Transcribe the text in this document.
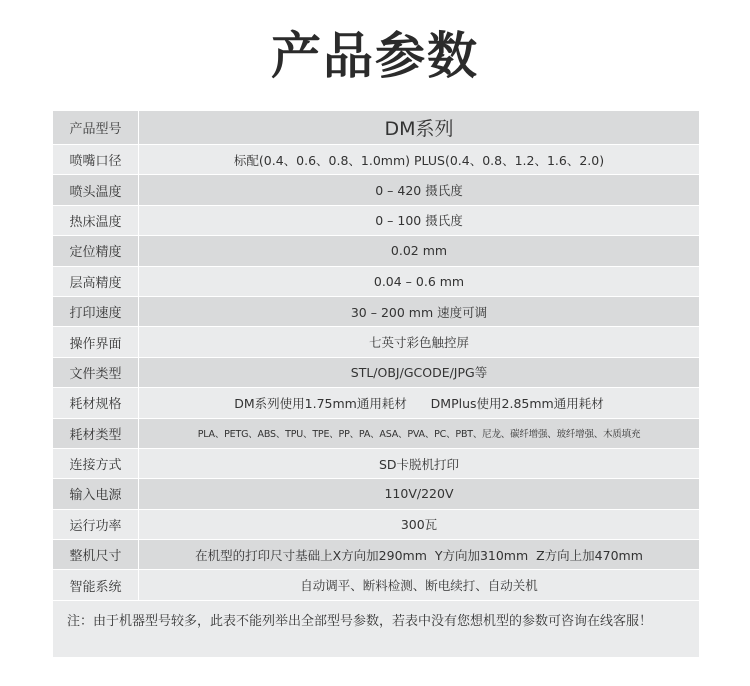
产品参数
产品型号	DM系列
喷嘴口径	标配(0.4、0.6、0.8、1.0mm) PLUS(0.4、0.8、1.2、1.6、2.0)
喷头温度	0 – 420 摄氏度
热床温度	0 – 100 摄氏度
定位精度	0.02 mm
层高精度	0.04 – 0.6 mm
打印速度	30 – 200 mm 速度可调
操作界面	七英寸彩色触控屏
文件类型	STL/OBJ/GCODE/JPG等
耗材规格	DM系列使用1.75mm通用耗材      DMPlus使用2.85mm通用耗材
耗材类型	PLA、PETG、ABS、TPU、TPE、PP、PA、ASA、PVA、PC、PBT、尼龙、碳纤增强、玻纤增强、木质填充
连接方式	SD卡脱机打印
输入电源	110V/220V
运行功率	300瓦
整机尺寸	在机型的打印尺寸基础上X方向加290mm  Y方向加310mm  Z方向上加470mm
智能系统	自动调平、断料检测、断电续打、自动关机
注：由于机器型号较多，此表不能列举出全部型号参数，若表中没有您想机型的参数可咨询在线客服！
